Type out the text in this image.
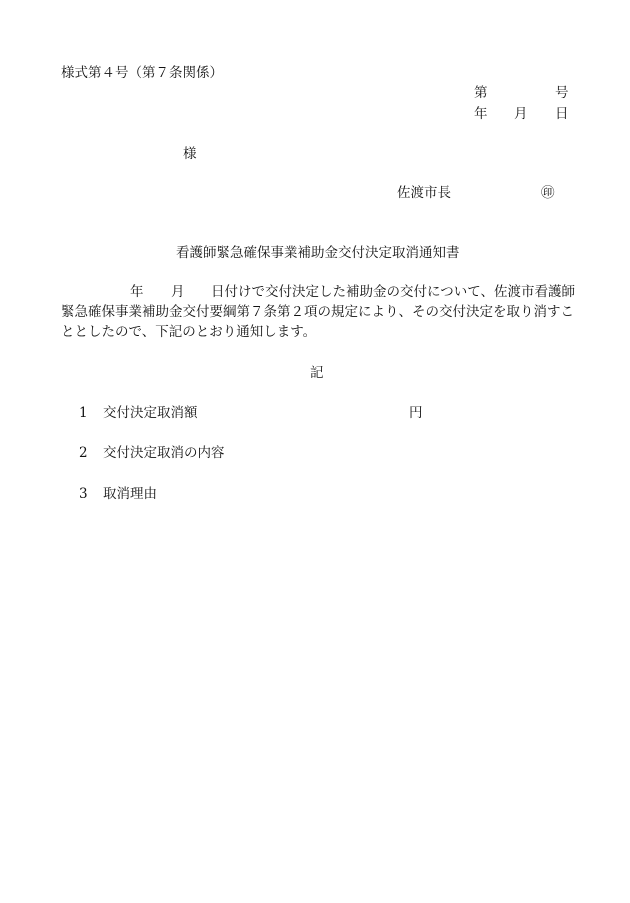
様式第４号（第７条関係）
第	号
年 月 日
様
佐渡市長	㊞
看護師緊急確保事業補助金交付決定取消通知書
年 月 日付けで交付決定した補助金の交付について、佐渡市看護師
緊急確保事業補助金交付要綱第７条第２項の規定により、その交付決定を取り消すこ
ととしたので、下記のとおり通知します。
記
1 交付決定取消額	円
2 交付決定取消の内容
3 取消理由
